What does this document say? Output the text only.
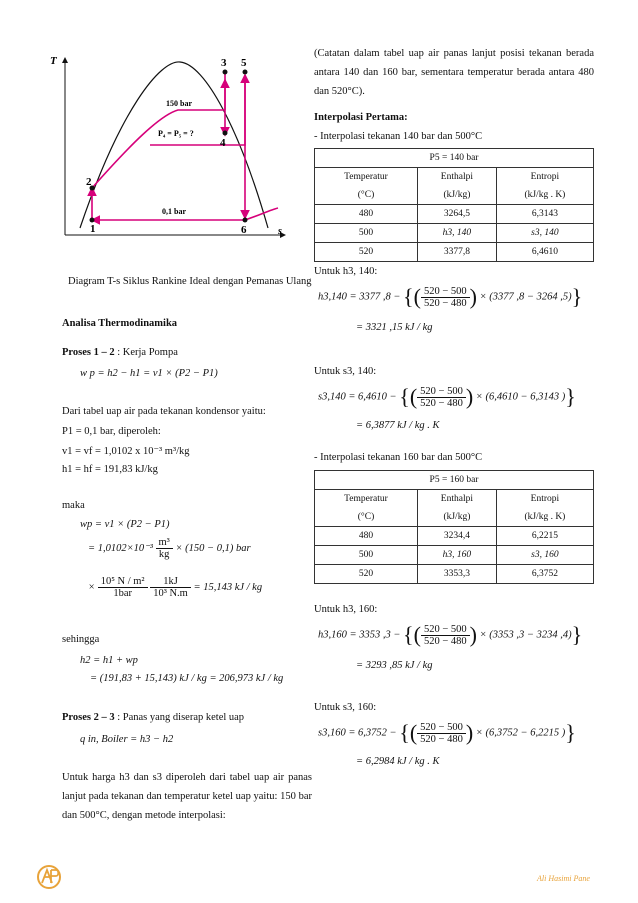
T
s
1
2
3
4
5
6
150 bar
P₄ = P₅ = ?
0,1 bar
Diagram T-s Siklus Rankine Ideal dengan Pemanas Ulang
Analisa Thermodinamika
Proses 1 – 2 : Kerja Pompa
w p = h2 − h1 = v1 × (P2 − P1)
Dari tabel uap air pada tekanan kondensor yaitu:
P1 = 0,1 bar, diperoleh:
v1 = vf = 1,0102 x 10⁻³ m³/kg
h1 = hf = 191,83 kJ/kg
maka
wp = v1 × (P2 − P1)
= $1,0102\times 10^{-3} \frac{\text{m³}}{kg} \times (150 - 0,1)$ bar
× $\frac{\text{10⁵ N / m²}}{\text{1bar}}$
$\frac{1kJ}{\text{10³ N.m}} = 15,143$ kJ / kg
sehingga
h2 = h1 + wp
= (191,83 + 15,143) kJ / kg = 206,973 kJ / kg
Proses 2 – 3 : Panas yang diserap ketel uap
q in, Boiler = h3 − h2
Untuk harga h3 dan s3 diperoleh dari tabel uap air panas lanjut pada tekanan dan temperatur ketel uap yaitu: 150 bar dan 500°C, dengan metode interpolasi:
(Catatan dalam tabel uap air panas lanjut posisi tekanan berada antara 140 dan 160 bar, sementara temperatur berada antara 480 dan 520°C).
Interpolasi Pertama:
- Interpolasi tekanan 140 bar dan 500°C
P5 = 140 bar		
Temperatur	Enthalpi	Entropi
(°C)	(kJ/kg)	(kJ/kg . K)
480	3264,5	6,3143
500	h3, 140	s3, 140
520	3377,8	6,4610
Untuk h3, 140:
h3,140 = 3377 ,8 − {( $\frac{520 - 500}{520 - 480}$ ) × (3377 ,8 − 3264 ,5)}
= 3321 ,15 kJ / kg
Untuk s3, 140:
s3,140 = 6,4610 − {( $\frac{520 - 500}{520 - 480}$ ) × (6,4610 − 6,3143 )}
= 6,3877 kJ / kg . K
- Interpolasi tekanan 160 bar dan 500°C
P5 = 160 bar		
Temperatur	Enthalpi	Entropi
(°C)	(kJ/kg)	(kJ/kg . K)
480	3234,4	6,2215
500	h3, 160	s3, 160
520	3353,3	6,3752
Untuk h3, 160:
h3,160 = 3353 ,3 − {( $\frac{520 - 500}{520 - 480}$ ) × (3353 ,3 − 3234 ,4)}
= 3293 ,85 kJ / kg
Untuk s3, 160:
s3,160 = 6,3752 − {( $\frac{520 - 500}{520 - 480}$ ) × (6,3752 − 6,2215 )}
= 6,2984 kJ / kg . K
Ali Hasimi Pane
